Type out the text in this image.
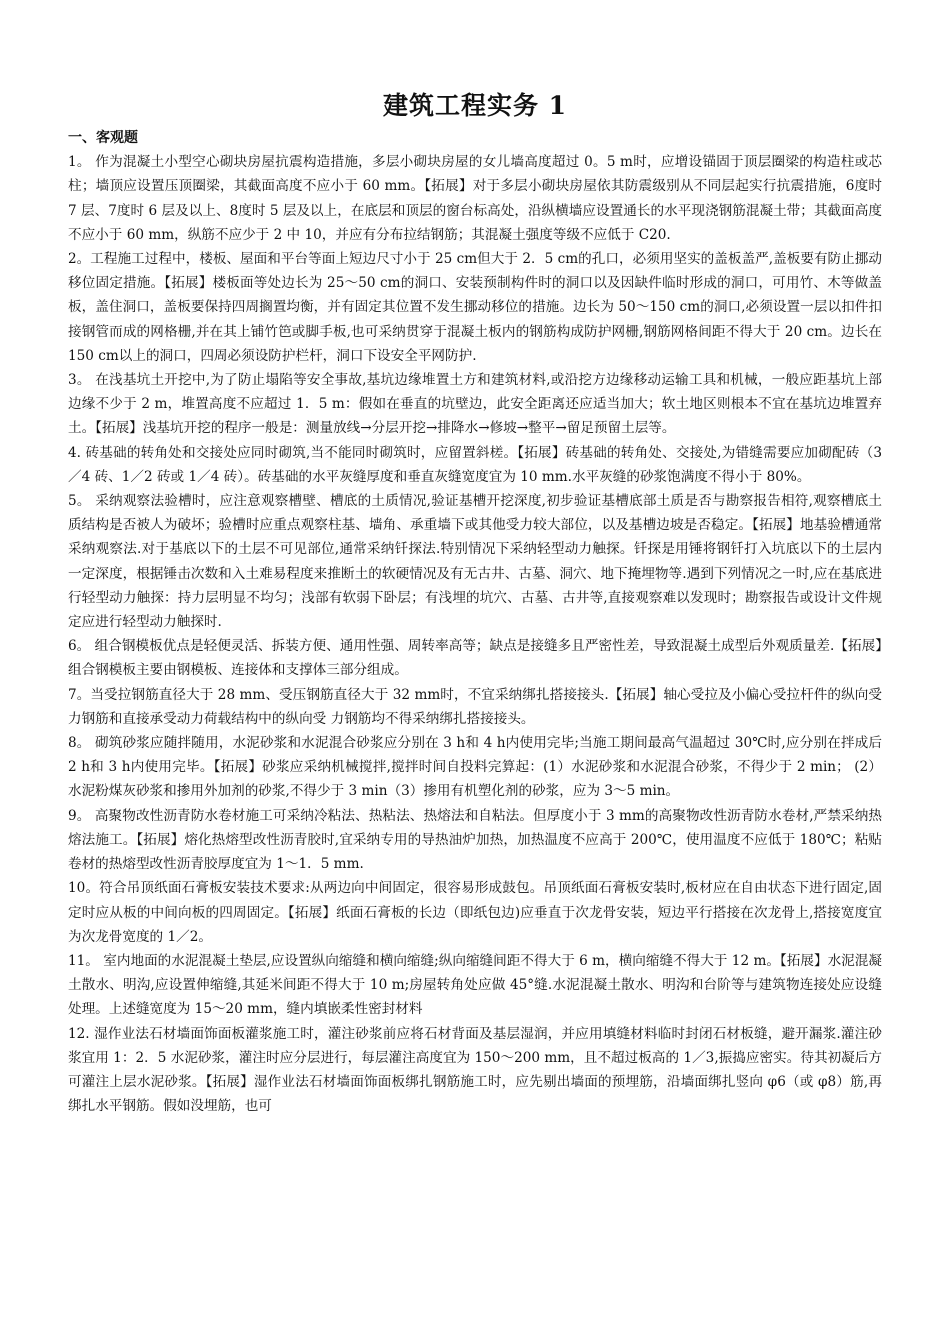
建筑工程实务 1
一、客观题

1。 作为混凝土小型空心砌块房屋抗震构造措施，多层小砌块房屋的女儿墙高度超过 0。5 m时，应增设锚固于顶层圈梁的构造柱或芯柱；墙顶应设置压顶圈梁，其截面高度不应小于 60 mm。【拓展】对于多层小砌块房屋依其防震级别从不同层起实行抗震措施，6度时 7 层、7度时 6 层及以上、8度时 5 层及以上，在底层和顶层的窗台标高处，沿纵横墙应设置通长的水平现浇钢筋混凝土带；其截面高度不应小于 60 mm，纵筋不应少于 2 中 10，并应有分布拉结钢筋；其混凝土强度等级不应低于 C20.

2。工程施工过程中，楼板、屋面和平台等面上短边尺寸小于 25 cm但大于 2．5 cm的孔口，必须用坚实的盖板盖严,盖板要有防止挪动移位固定措施。【拓展】楼板面等处边长为 25～50 cm的洞口、安装预制构件时的洞口以及因缺件临时形成的洞口，可用竹、木等做盖板，盖住洞口，盖板要保持四周搁置均衡，并有固定其位置不发生挪动移位的措施。边长为 50～150 cm的洞口,必须设置一层以扣件扣接钢管而成的网格栅,并在其上铺竹笆或脚手板,也可采纳贯穿于混凝土板内的钢筋构成防护网栅,钢筋网格间距不得大于 20 cm。边长在 150 cm以上的洞口，四周必须设防护栏杆，洞口下设安全平网防护.

3。 在浅基坑土开挖中,为了防止塌陷等安全事故,基坑边缘堆置土方和建筑材料,或沿挖方边缘移动运输工具和机械，一般应距基坑上部边缘不少于 2 m，堆置高度不应超过 1．5 m：假如在垂直的坑壁边，此安全距离还应适当加大；软土地区则根本不宜在基坑边堆置弃土。【拓展】浅基坑开挖的程序一般是：测量放线→分层开挖→排降水→修坡→整平→留足预留土层等。

4. 砖基础的转角处和交接处应同时砌筑,当不能同时砌筑时，应留置斜槎。【拓展】砖基础的转角处、交接处,为错缝需要应加砌配砖（3／4 砖、1／2 砖或 1／4 砖）。砖基础的水平灰缝厚度和垂直灰缝宽度宜为 10 mm.水平灰缝的砂浆饱满度不得小于 80%。

5。 采纳观察法验槽时，应注意观察槽壁、槽底的土质情况,验证基槽开挖深度,初步验证基槽底部土质是否与勘察报告相符,观察槽底土质结构是否被人为破坏；验槽时应重点观察柱基、墙角、承重墙下或其他受力较大部位，以及基槽边坡是否稳定。【拓展】地基验槽通常采纳观察法.对于基底以下的土层不可见部位,通常采纳钎探法.特别情况下采纳轻型动力触探。钎探是用锤将钢钎打入坑底以下的土层内一定深度，根据锤击次数和入土难易程度来推断土的软硬情况及有无古井、古墓、洞穴、地下掩埋物等.遇到下列情况之一时,应在基底进行轻型动力触探：持力层明显不均匀；浅部有软弱下卧层；有浅埋的坑穴、古墓、古井等,直接观察难以发现时；勘察报告或设计文件规定应进行轻型动力触探时.

6。 组合钢模板优点是轻便灵活、拆装方便、通用性强、周转率高等；缺点是接缝多且严密性差，导致混凝土成型后外观质量差.【拓展】组合钢模板主要由钢模板、连接体和支撑体三部分组成。

7。当受拉钢筋直径大于 28 mm、受压钢筋直径大于 32 mm时，不宜采纳绑扎搭接接头.【拓展】轴心受拉及小偏心受拉杆件的纵向受力钢筋和直接承受动力荷载结构中的纵向受 力钢筋均不得采纳绑扎搭接接头。

8。 砌筑砂浆应随拌随用，水泥砂浆和水泥混合砂浆应分别在 3 h和 4 h内使用完毕;当施工期间最高气温超过 30℃时,应分别在拌成后 2 h和 3 h内使用完毕。【拓展】砂浆应采纳机械搅拌,搅拌时间自投料完算起：(1）水泥砂浆和水泥混合砂浆，不得少于 2 min； (2）水泥粉煤灰砂浆和掺用外加剂的砂浆,不得少于 3 min（3）掺用有机塑化剂的砂浆，应为 3～5 min。

9。 高聚物改性沥青防水卷材施工可采纳冷粘法、热粘法、热熔法和自粘法。但厚度小于 3 mm的高聚物改性沥青防水卷材,严禁采纳热熔法施工。【拓展】熔化热熔型改性沥青胶时,宜采纳专用的导热油炉加热，加热温度不应高于 200℃，使用温度不应低于 180℃；粘贴卷材的热熔型改性沥青胶厚度宜为 1～1．5 mm.

10。符合吊顶纸面石膏板安装技术要求:从两边向中间固定，很容易形成鼓包。吊顶纸面石膏板安装时,板材应在自由状态下进行固定,固定时应从板的中间向板的四周固定。【拓展】纸面石膏板的长边（即纸包边)应垂直于次龙骨安装，短边平行搭接在次龙骨上,搭接宽度宜为次龙骨宽度的 1／2。

11。 室内地面的水泥混凝土垫层,应设置纵向缩缝和横向缩缝;纵向缩缝间距不得大于 6 m，横向缩缝不得大于 12 m。【拓展】水泥混凝土散水、明沟,应设置伸缩缝,其延米间距不得大于 10 m;房屋转角处应做 45°缝.水泥混凝土散水、明沟和台阶等与建筑物连接处应设缝处理。上述缝宽度为 15～20 mm，缝内填嵌柔性密封材料

12. 湿作业法石材墙面饰面板灌浆施工时，灌注砂浆前应将石材背面及基层湿润，并应用填缝材料临时封闭石材板缝，避开漏浆.灌注砂浆宜用 1：2．5 水泥砂浆，灌注时应分层进行，每层灌注高度宜为 150～200 mm，且不超过板高的 1／3,振捣应密实。待其初凝后方可灌注上层水泥砂浆。【拓展】湿作业法石材墙面饰面板绑扎钢筋施工时，应先剔出墙面的预埋筋，沿墙面绑扎竖向 φ6（或 φ8）筋,再绑扎水平钢筋。假如没埋筋，也可
